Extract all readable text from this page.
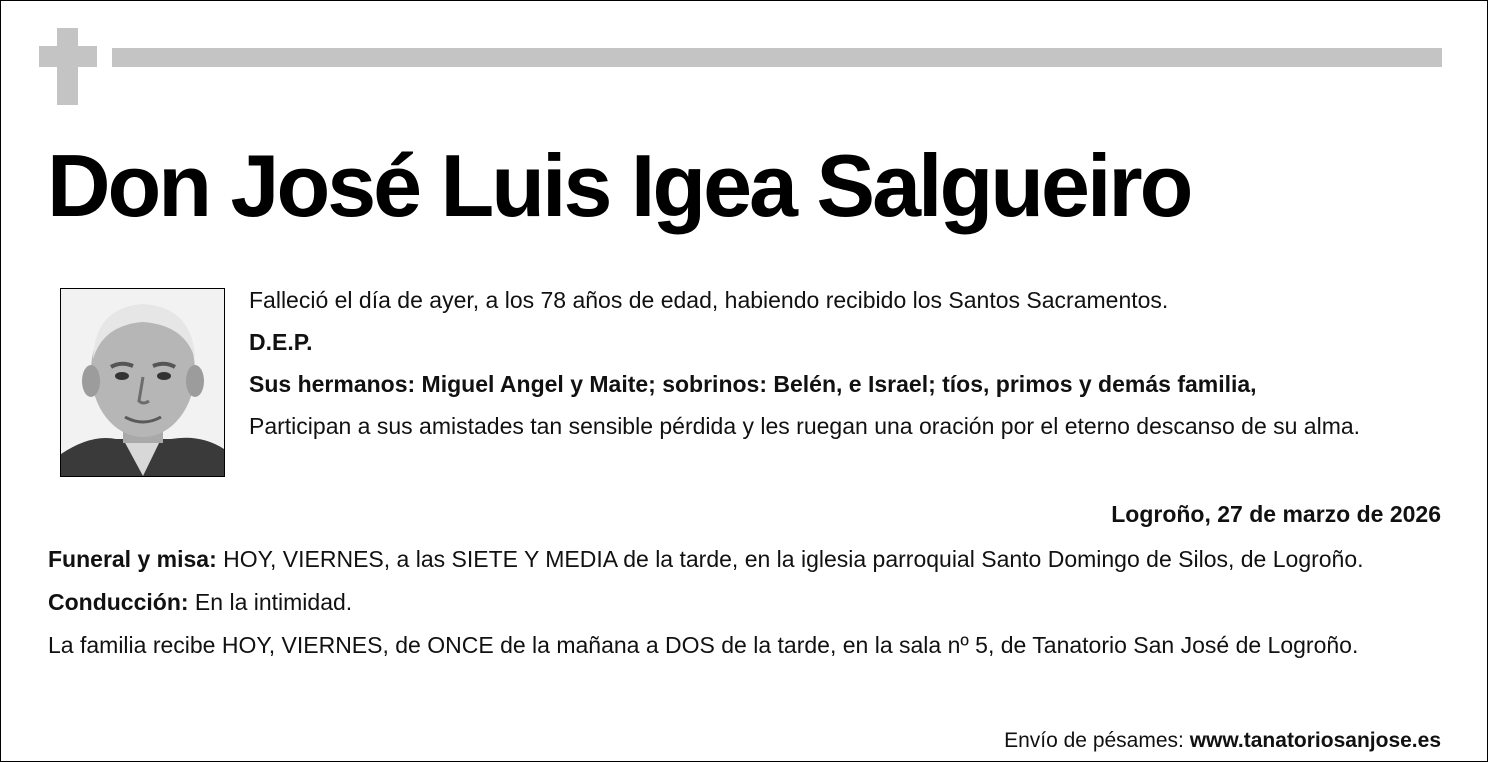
Don José Luis Igea Salgueiro

Falleció el día de ayer, a los 78 años de edad, habiendo recibido los Santos Sacramentos.

D.E.P.

Sus hermanos: Miguel Angel y Maite; sobrinos: Belén, e Israel; tíos, primos y demás familia,

Participan a sus amistades tan sensible pérdida y les ruegan una oración por el eterno descanso de su alma.

Logroño, 27 de marzo de 2026

Funeral y misa: HOY, VIERNES, a las SIETE Y MEDIA de la tarde, en la iglesia parroquial Santo Domingo de Silos, de Logroño.

Conducción: En la intimidad.

La familia recibe HOY, VIERNES, de ONCE de la mañana a DOS de la tarde, en la sala nº 5, de Tanatorio San José de Logroño.

Envío de pésames: www.tanatoriosanjose.es
